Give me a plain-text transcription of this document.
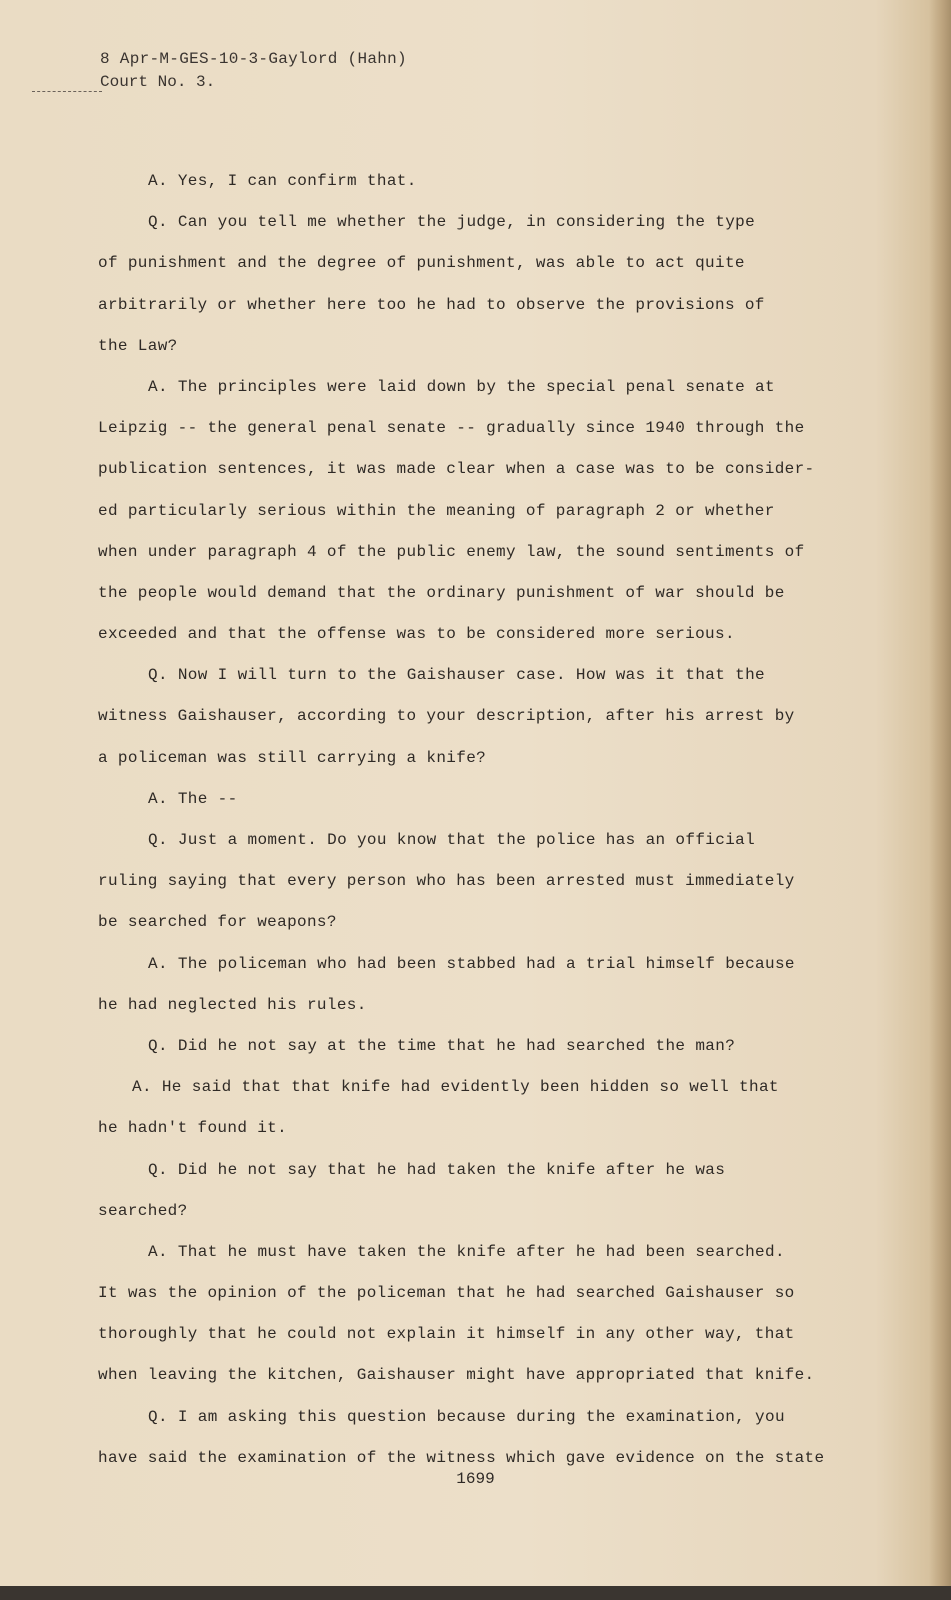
8 Apr-M-GES-10-3-Gaylord (Hahn)
Court No. 3.
A. Yes, I can confirm that.
Q. Can you tell me whether the judge, in considering the type
of punishment and the degree of punishment, was able to act quite
arbitrarily or whether here too he had to observe the provisions of
the Law?
A. The principles were laid down by the special penal senate at
Leipzig -- the general penal senate -- gradually since 1940 through the
publication sentences, it was made clear when a case was to be consider-
ed particularly serious within the meaning of paragraph 2 or whether
when under paragraph 4 of the public enemy law, the sound sentiments of
the people would demand that the ordinary punishment of war should be
exceeded and that the offense was to be considered more serious.
Q. Now I will turn to the Gaishauser case. How was it that the
witness Gaishauser, according to your description, after his arrest by
a policeman was still carrying a knife?
A. The --
Q. Just a moment. Do you know that the police has an official
ruling saying that every person who has been arrested must immediately
be searched for weapons?
A. The policeman who had been stabbed had a trial himself because
he had neglected his rules.
Q. Did he not say at the time that he had searched the man?
A. He said that that knife had evidently been hidden so well that
he hadn't found it.
Q. Did he not say that he had taken the knife after he was
searched?
A. That he must have taken the knife after he had been searched.
It was the opinion of the policeman that he had searched Gaishauser so
thoroughly that he could not explain it himself in any other way, that
when leaving the kitchen, Gaishauser might have appropriated that knife.
Q. I am asking this question because during the examination, you
have said the examination of the witness which gave evidence on the state
1699
